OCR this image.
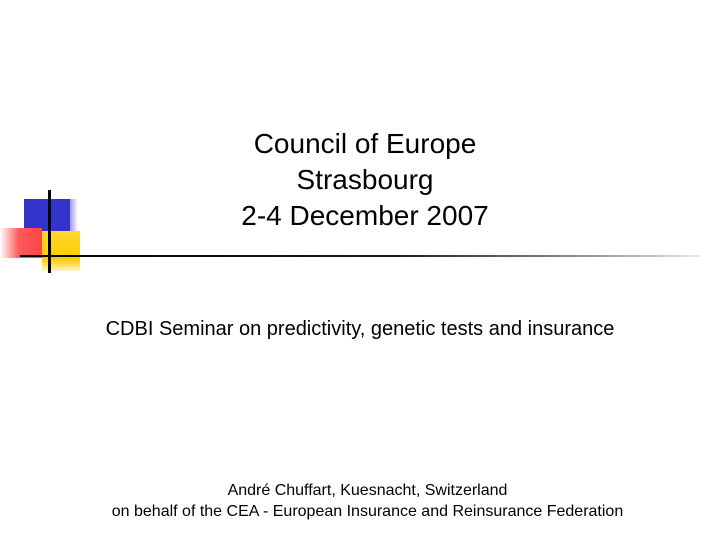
Council of Europe
Strasbourg
2-4 December 2007
CDBI Seminar on predictivity, genetic tests and insurance
André Chuffart, Kuesnacht, Switzerland
on behalf of the CEA - European Insurance and Reinsurance Federation
